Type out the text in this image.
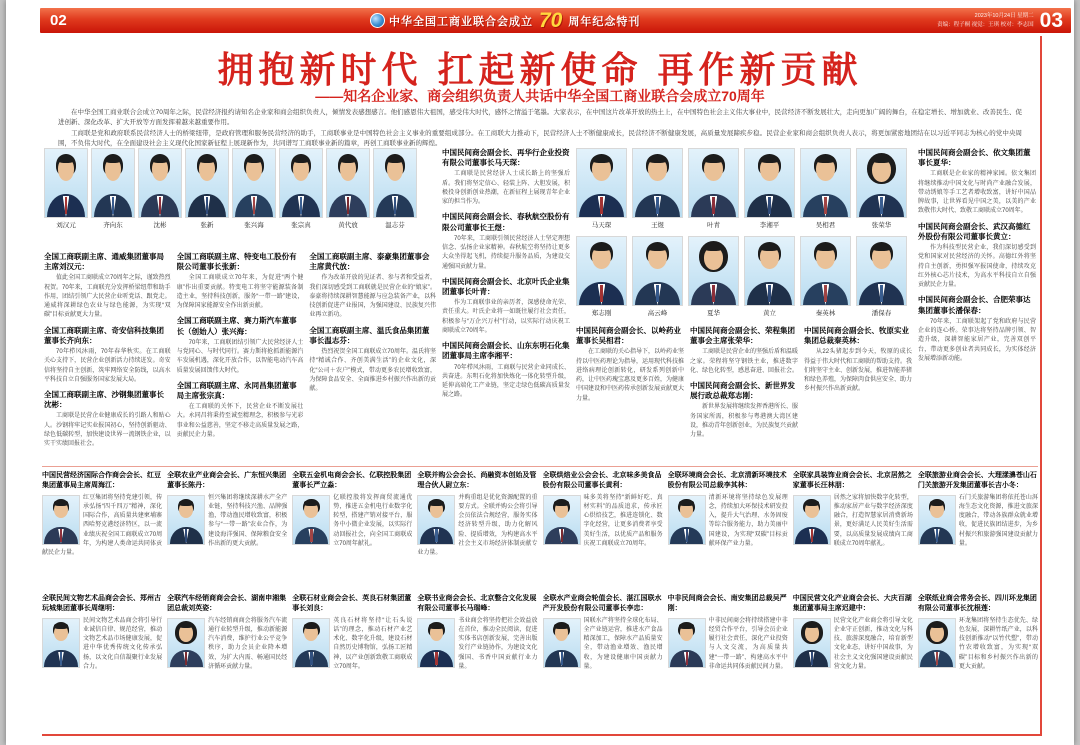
02	中华全国工商业联合会成立 70 周年纪念特刊	2023年10月24日 星期二
责编：程子桐 视觉：王琪 校对：李志国 03
拥抱新时代 扛起新使命 再作新贡献
——知名企业家、商会组织负责人共话中华全国工商业联合会成立70周年

在中华全国工商业联合会成立70周年之际，民营经济报约请知名企业家和商会组织负责人，倾情发表感想感言。他们感恩伟大祖国，感受伟大时代，感怀之情溢于笔墨。大家表示，在中国这片改革开放的热土上，在中国特色社会主义伟大事业中，民营经济不断发展壮大，走向更加广阔的舞台，在稳定增长、增加就业、改善民生、促进创新、深化改革、扩大开放等方面发挥着越来越重要作用。

工商联是党和政府联系民营经济人士的桥梁纽带，是政府管理和服务民营经济的助手，工商联事业是中国特色社会主义事业的重要组成部分。在工商联大力推动下，民营经济人士不断健康成长，民营经济不断健康发展，高质量发展蹄疾步稳。民营企业家和商会组织负责人表示，将更加紧密地团结在以习近平同志为核心的党中央周围，不负伟大时代，在全面建设社会主义现代化国家新征程上展现新作为，共同谱写工商联事业新的篇章，再创工商联事业新的辉煌。

刘汉元	齐向东	沈彬	张新	张兴海	张宗真	黄代放	温志芬
全国工商联副主席、通威集团董事局主席刘汉元：

值此全国工商联成立70周年之际，谨致热烈祝贺。70年来，工商联充分发挥桥梁纽带和助手作用，团结引领广大民营企业听党话、跟党走。通威将深耕绿色农业与绿色能源，为实现“双碳”目标贡献更大力量。

全国工商联副主席、奇安信科技集团董事长齐向东：

70年栉风沐雨，70年春华秋实。在工商联关心支持下，民营企业创新活力持续迸发。奇安信将坚持自主创新，筑牢网络安全防线，以高水平科技自立自强服务国家发展大局。

全国工商联副主席、沙钢集团董事长沈彬：

工商联是民营企业健康成长的引路人和贴心人。沙钢将牢记实业报国初心，坚持创新驱动、绿色低碳转型，加快建设世界一流钢铁企业，以实干实绩回报社会。

全国工商联副主席、特变电工股份有限公司董事长张新：

全国工商联成立70年来，为促进“两个健康”作出重要贡献。特变电工将坚守能源装备制造主业，坚持科技创新，服务“一带一路”建设，为保障国家能源安全作出新贡献。

全国工商联副主席、赛力斯汽车董事长（创始人）张兴海：

70年来，工商联团结引领广大民营经济人士与党同心、与时代同行。赛力斯将抢抓新能源汽车发展机遇，深化开放合作，以智能电动汽车高质量发展回馈伟大时代。

全国工商联副主席、永同昌集团董事局主席张宗真：

在工商联的关怀下，民营企业不断发展壮大。永同昌将秉持至诚至精理念，积极参与光彩事业和公益慈善，坚定不移走高质量发展之路，贡献民企力量。

全国工商联副主席、泰豪集团董事会主席黄代放：

作为改革开放的见证者、参与者和受益者，我们深切感受到工商联就是民营企业的“娘家”。泰豪将持续深耕智慧能源与应急装备产业，以科技创新促进产业报国，为强国建设、民族复兴伟业再立新功。

全国工商联副主席、温氏食品集团董事长温志芬：

热烈祝贺全国工商联成立70周年。温氏将坚持“精诚合作、齐创美满生活”的企业文化，深化“公司＋农户”模式，带动更多农民增收致富，为保障食品安全、全面推进乡村振兴作出新的贡献。

中国民间商会副会长、再华行企业投资有限公司董事长马天琛：

工商联是民营经济人士成长路上的坚强后盾。我们将坚定信心、轻装上阵、大胆发展，积极投身创新创业热潮，在新征程上展现青年企业家的担当作为。

中国民间商会副会长、春秋航空股份有限公司董事长王煜：

70年来，工商联引领民营经济人士坚定理想信念、弘扬企业家精神。春秋航空将坚持让更多大众坐得起飞机，持续提升服务品质，为建设交通强国贡献力量。

中国民间商会副会长、北京叶氏企业集团董事长叶青：

作为工商联事业的亲历者，深感使命光荣、责任重大。叶氏企业将一如既往履行社会责任，积极参与“万企兴万村”行动，以实际行动庆祝工商联成立70周年。

中国民间商会副会长、山东东明石化集团董事局主席李湘平：

70年栉风沐雨，工商联与民营企业同成长、共奋进。东明石化将加快炼化一体化转型升级，延伸高端化工产业链，坚定走绿色低碳高质量发展之路。

马天琛	王煜	叶青	李湘平	吴相君	张荣华
郑志刚	高云峰	夏华	黄立	秦英林	潘保春
中国民间商会副会长、以岭药业董事长吴相君：

在工商联的关心指导下，以岭药业坚持以中医药理论为指导，运用现代科技推进络病理论创新转化，研发系列创新中药，让中医药瑰宝惠及更多百姓，为健康中国建设和中医药传承创新发展贡献更大力量。

中国民间商会副会长、荣程集团董事会主席张荣华：

工商联是民营企业的坚强后盾和温暖之家。荣程将坚守钢铁主业，推进数字化、绿色化转型，感恩奋进、回报社会。

中国民间商会副会长、新世界发展行政总裁郑志刚：

新世界发展将继续发挥香港所长、服务国家所需，积极参与粤港澳大湾区建设，推动青年创新创业，为民族复兴贡献力量。

中国民间商会副会长、牧原实业集团总裁秦英林：

从22头猪起步到今天，牧原的成长得益于伟大时代和工商联的帮助支持。我们将坚守主业、创新发展，推进智能养猪和绿色养殖，为保障肉食供应安全、助力乡村振兴作出新贡献。

中国民间商会副会长、依文集团董事长夏华：

工商联是企业家的精神家园。依文集团将继续推动中国文化与时尚产业融合发展，带动绣娘等手工艺者增收致富，讲好中国品牌故事，让世界看见中国之美，以美的产业致敬伟大时代、致敬工商联成立70周年。

中国民间商会副会长、武汉高德红外股份有限公司董事长黄立：

作为科技型民营企业，我们深切感受到党和国家对民营经济的关怀。高德红外将坚持自主创新，勇担强军报国使命，持续攻克红外核心芯片技术，为高水平科技自立自强贡献民企力量。

中国民间商会副会长、合肥荣事达集团董事长潘保春：

70年来，工商联架起了党和政府与民营企业的连心桥。荣事达将坚持品牌引领、智造升级，深耕智能家居产业，完善双创平台，带动更多创业者共同成长，为实体经济发展增添新动能。

中国民营经济国际合作商会会长、红豆集团董事局主席周海江：

红豆集团将坚持党建引领，传承弘扬“四千四万”精神，深化国际合作，高质量共建柬埔寨西哈努克港经济特区，以一流业绩庆祝全国工商联成立70周年，为构建人类命运共同体贡献民企力量。

全联农业产业商会会长、广东恒兴集团董事长陈丹：

恒兴集团将继续深耕水产全产业链，坚持科技兴渔、品牌强渔，带动渔民增收致富，积极参与“一带一路”农业合作，为建设海洋强国、保障粮食安全作出新的更大贡献。

全联五金机电商会会长、亿联控股集团董事长严立淼：

亿联控股将发挥商贸流通优势，推进五金机电行业数字化转型，搭建产销对接平台，服务中小微企业发展，以实际行动回报社会，向全国工商联成立70周年献礼。

全联并购公会会长、尚融资本创始及管理合伙人尉立东：

并购重组是优化资源配置的重要方式。全联并购公会将引导会员依法合规经营，服务实体经济转型升级，助力化解风险、提质增效，为构建高水平社会主义市场经济体制贡献专业力量。

全联烘焙业公会会长、北京味多美食品股份有限公司董事长黄利：

味多美将坚持“新鲜好吃、真材实料”的品质追求，传承匠心烘焙技艺，推进连锁化、数字化经营，让更多消费者享受美好生活，以优质产品和服务庆祝工商联成立70周年。

全联环境商会会长、北京清新环境技术股份有限公司总裁李其林：

清新环境将坚持绿色发展理念，持续加大环保技术研发投入，提升大气治理、水务固废等综合服务能力，助力美丽中国建设，为实现“双碳”目标贡献环保产业力量。

全联家具装饰业商会会长、北京居然之家董事长汪林朋：

居然之家将加快数字化转型，推动家居产业与数字经济深度融合，打造智慧家居消费新场景，更好满足人民美好生活需要，以高质量发展成绩向工商联成立70周年献礼。

全联旅游业商会会长、大理漾濞苍山石门关旅游开发集团董事长吉小冬：

石门关旅游集团将依托苍山洱海生态文化资源，推进文旅深度融合，带动各族群众就业增收，促进民族团结进步，为乡村振兴和旅游强国建设贡献力量。

全联民间文物艺术品商会会长、郑州古玩城集团董事长周继明：

民间文物艺术品商会将引导行业诚信自律、规范经营，推动文物艺术品市场健康发展，促进中华优秀传统文化传承弘扬，以文化自信凝聚行业发展合力。

全联汽车经销商商会会长、湖南申湘集团总裁刘英姿：

汽车经销商商会将服务汽车流通行业转型升级，推动新能源汽车消费，维护行业公平竞争秩序，助力会员企业降本增效，为扩大内需、畅通国民经济循环贡献力量。

全联石材业商会会长、英良石材集团董事长刘良：

英良石材将坚持“让石头说话”的理念，推动石材产业艺术化、数字化升级，建设石材自然历史博物馆，弘扬工匠精神，以产业创新致敬工商联成立70周年。

全联书业商会会长、北京整合文化发展有限公司董事长马瑞峰：

书业商会将坚持把社会效益放在首位，推动全民阅读，促进实体书店创新发展，完善出版发行产业链协作，为建设文化强国、书香中国贡献行业力量。

全联水产业商会轮值会长、湛江国联水产开发股份有限公司董事长李忠：

国联水产将坚持全球化布局、全产业链运营，推进水产食品精深加工，保障水产品质量安全，带动渔业增效、渔民增收，为建设健康中国贡献力量。

中非民间商会会长、南安集团总裁吴严刚：

中非民间商会将持续搭建中非经贸合作平台，引导会员企业履行社会责任，深化产业投资与人文交流，为高质量共建“一带一路”、构建高水平中非命运共同体贡献民间力量。

中国民营文化产业商会会长、大庆百湖集团董事局主席迟建中：

民营文化产业商会将引导文化企业守正创新，推动文化与科技、旅游深度融合，培育新型文化业态，讲好中国故事，为社会主义文化强国建设贡献民营文化力量。

全联纸业商会常务会长、四川环龙集团有限公司董事长沈根莲：

环龙集团将坚持生态优先、绿色发展，深耕竹纸产业，以科技创新推动“以竹代塑”，带动竹农增收致富，为实现“双碳”目标和乡村振兴作出新的更大贡献。
